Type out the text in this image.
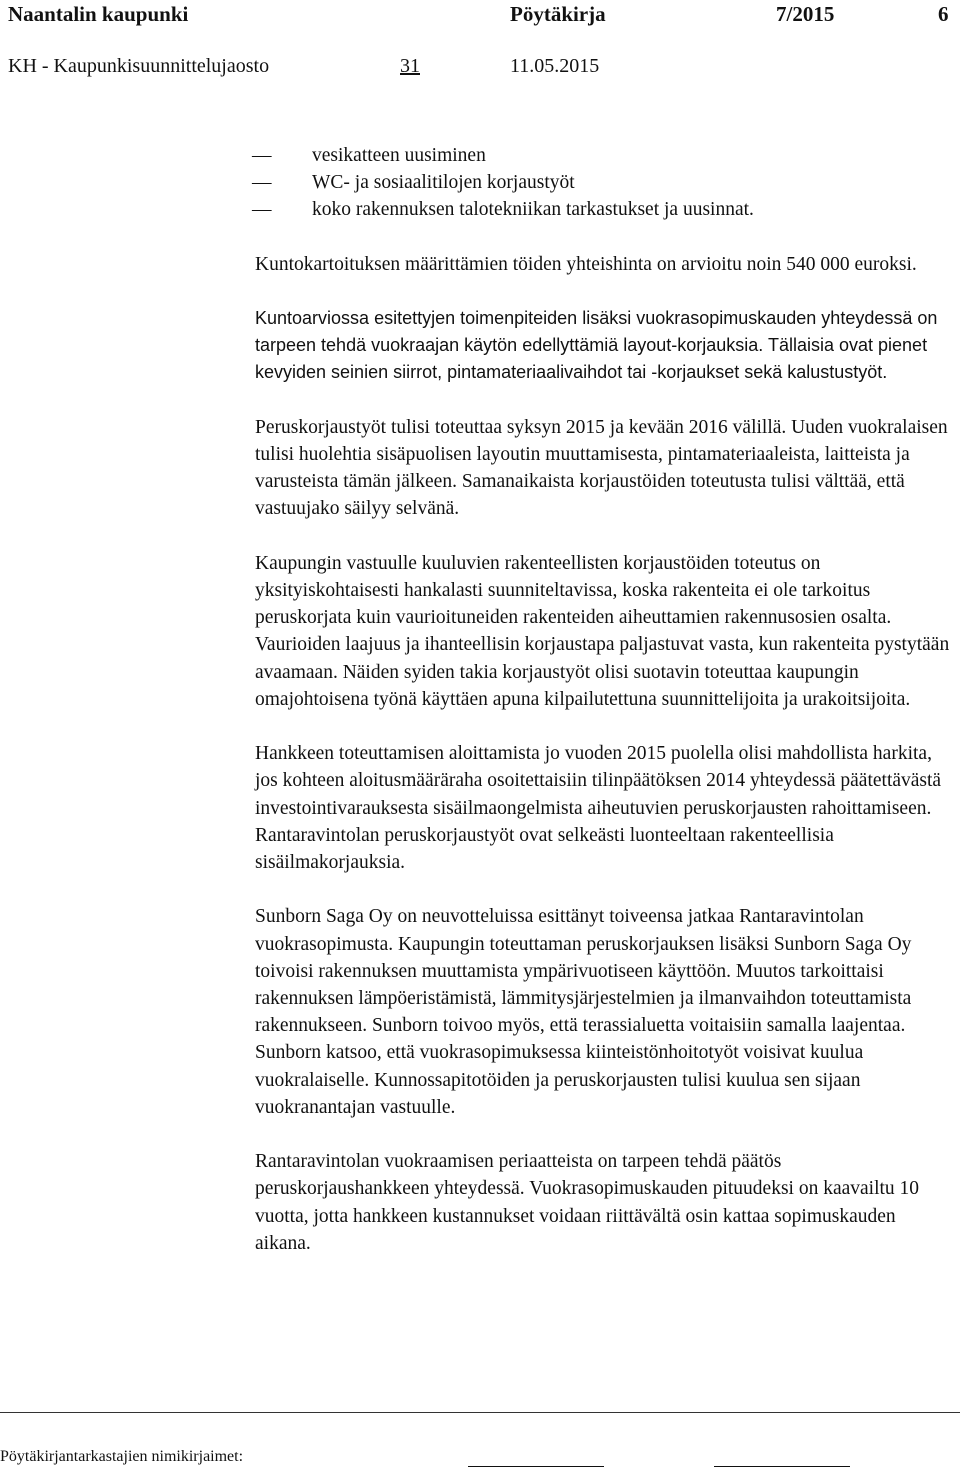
Naantalin kaupunki	Pöytäkirja	7/2015	6
KH - Kaupunkisuunnittelujaosto	31	11.05.2015
— vesikatteen uusiminen
— WC- ja sosiaalitilojen korjaustyöt
— koko rakennuksen talotekniikan tarkastukset ja uusinnat.

Kuntokartoituksen määrittämien töiden yhteishinta on arvioitu noin 540 000 euroksi.

Kuntoarviossa esitettyjen toimenpiteiden lisäksi vuokrasopimuskauden yhteydessä on tarpeen tehdä vuokraajan käytön edellyttämiä layout-korjauksia. Tällaisia ovat pienet kevyiden seinien siirrot, pintamateriaalivaihdot tai -korjaukset sekä kalustustyöt.

Peruskorjaustyöt tulisi toteuttaa syksyn 2015 ja kevään 2016 välillä. Uuden vuokralaisen tulisi huolehtia sisäpuolisen layoutin muuttamisesta, pintamateriaaleista, laitteista ja varusteista tämän jälkeen. Samanaikaista korjaustöiden toteutusta tulisi välttää, että vastuujako säilyy selvänä.

Kaupungin vastuulle kuuluvien rakenteellisten korjaustöiden toteutus on yksityiskohtaisesti hankalasti suunniteltavissa, koska rakenteita ei ole tarkoitus peruskorjata kuin vaurioituneiden rakenteiden aiheuttamien rakennusosien osalta. Vaurioiden laajuus ja ihanteellisin korjaustapa paljastuvat vasta, kun rakenteita pystytään avaamaan. Näiden syiden takia korjaustyöt olisi suotavin toteuttaa kaupungin omajohtoisena työnä käyttäen apuna kilpailutettuna suunnittelijoita ja urakoitsijoita.

Hankkeen toteuttamisen aloittamista jo vuoden 2015 puolella olisi mahdollista harkita, jos kohteen aloitusmääräraha osoitettaisiin tilinpäätöksen 2014 yhteydessä päätettävästä investointivarauksesta sisäilmaongelmista aiheutuvien peruskorjausten rahoittamiseen. Rantaravintolan peruskorjaustyöt ovat selkeästi luonteeltaan rakenteellisia sisäilmakorjauksia.

Sunborn Saga Oy on neuvotteluissa esittänyt toiveensa jatkaa Rantaravintolan vuokrasopimusta. Kaupungin toteuttaman peruskorjauksen lisäksi Sunborn Saga Oy toivoisi rakennuksen muuttamista ympärivuotiseen käyttöön. Muutos tarkoittaisi rakennuksen lämpöeristämistä, lämmitysjärjestelmien ja ilmanvaihdon toteuttamista rakennukseen. Sunborn toivoo myös, että terassialuetta voitaisiin samalla laajentaa. Sunborn katsoo, että vuokrasopimuksessa kiinteistönhoitotyöt voisivat kuulua vuokralaiselle. Kunnossapitotöiden ja peruskorjausten tulisi kuulua sen sijaan vuokranantajan vastuulle.

Rantaravintolan vuokraamisen periaatteista on tarpeen tehdä päätös peruskorjaushankkeen yhteydessä. Vuokrasopimuskauden pituudeksi on kaavailtu 10 vuotta, jotta hankkeen kustannukset voidaan riittävältä osin kattaa sopimuskauden aikana.

Pöytäkirjantarkastajien nimikirjaimet:
